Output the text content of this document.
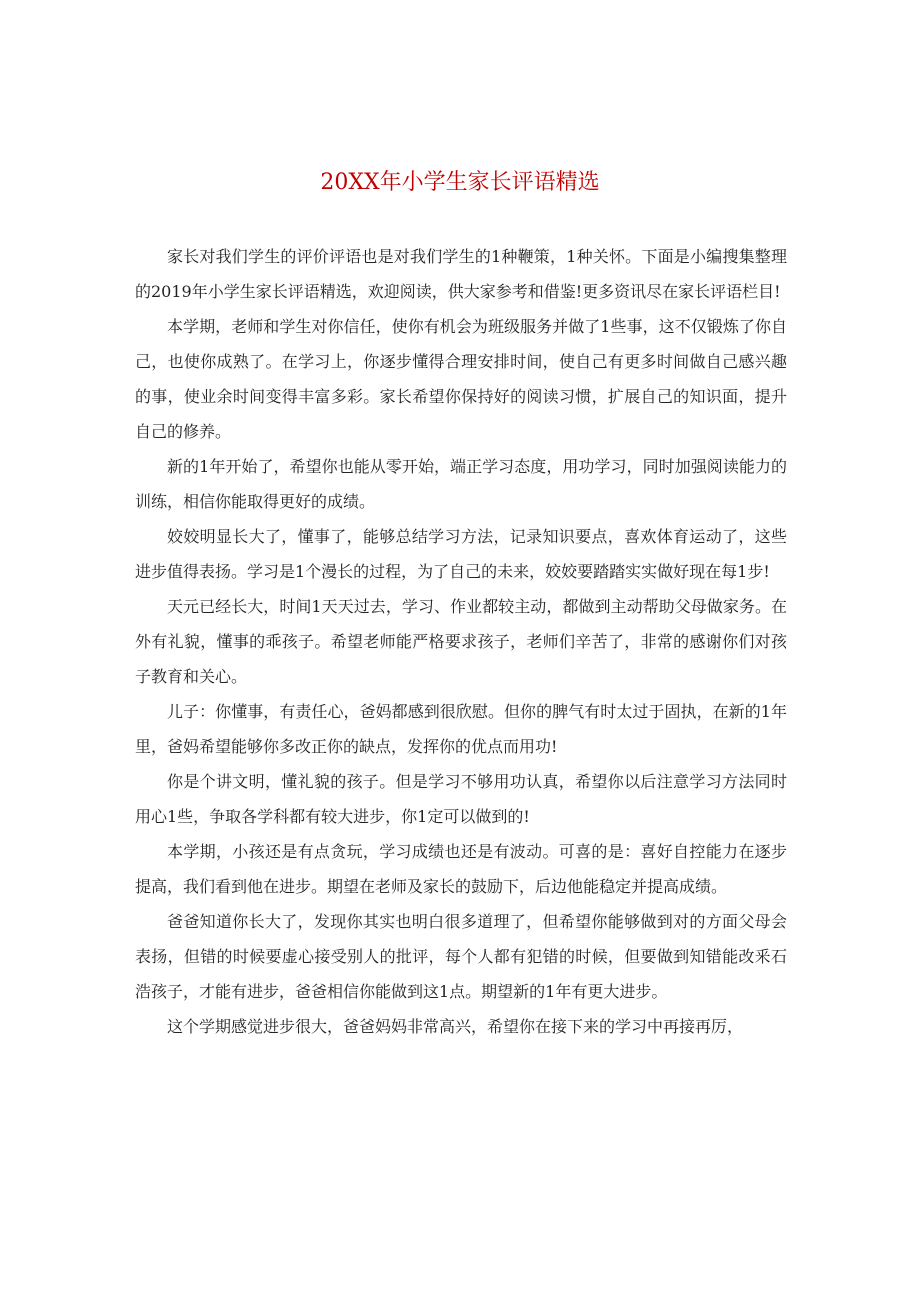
20XX年小学生家长评语精选

家长对我们学生的评价评语也是对我们学生的1种鞭策，1种关怀。下面是小编搜集整理的2019年小学生家长评语精选，欢迎阅读，供大家参考和借鉴!更多资讯尽在家长评语栏目!

本学期，老师和学生对你信任，使你有机会为班级服务并做了1些事，这不仅锻炼了你自己，也使你成熟了。在学习上，你逐步懂得合理安排时间，使自己有更多时间做自己感兴趣的事，使业余时间变得丰富多彩。家长希望你保持好的阅读习惯，扩展自己的知识面，提升自己的修养。

新的1年开始了，希望你也能从零开始，端正学习态度，用功学习，同时加强阅读能力的训练，相信你能取得更好的成绩。

姣姣明显长大了，懂事了，能够总结学习方法，记录知识要点，喜欢体育运动了，这些进步值得表扬。学习是1个漫长的过程，为了自己的未来，姣姣要踏踏实实做好现在每1步!

天元已经长大，时间1天天过去，学习、作业都较主动，都做到主动帮助父母做家务。在外有礼貌，懂事的乖孩子。希望老师能严格要求孩子，老师们辛苦了，非常的感谢你们对孩子教育和关心。

儿子：你懂事，有责任心，爸妈都感到很欣慰。但你的脾气有时太过于固执，在新的1年里，爸妈希望能够你多改正你的缺点，发挥你的优点而用功!

你是个讲文明，懂礼貌的孩子。但是学习不够用功认真，希望你以后注意学习方法同时用心1些，争取各学科都有较大进步，你1定可以做到的!

本学期，小孩还是有点贪玩，学习成绩也还是有波动。可喜的是：喜好自控能力在逐步提高，我们看到他在进步。期望在老师及家长的鼓励下，后边他能稳定并提高成绩。

爸爸知道你长大了，发现你其实也明白很多道理了，但希望你能够做到对的方面父母会表扬，但错的时候要虚心接受别人的批评，每个人都有犯错的时候，但要做到知错能改釆石浩孩子，才能有进步，爸爸相信你能做到这1点。期望新的1年有更大进步。

这个学期感觉进步很大，爸爸妈妈非常高兴，希望你在接下来的学习中再接再厉，
